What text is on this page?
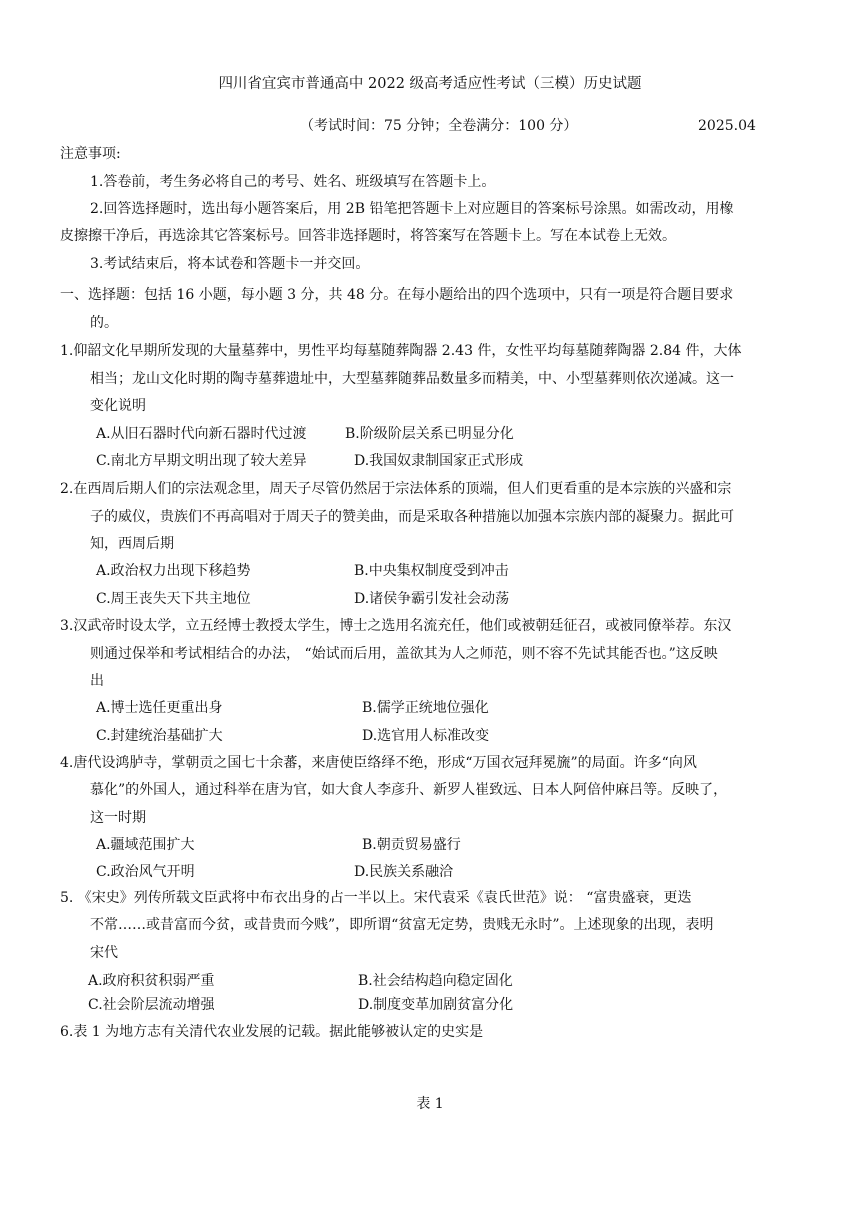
四川省宜宾市普通高中 2022 级高考适应性考试（三模）历史试题
（考试时间：75 分钟；全卷满分：100 分）	2025.04
注意事项:
1.答卷前，考生务必将自己的考号、姓名、班级填写在答题卡上。
2.回答选择题时，选出每小题答案后，用 2B 铅笔把答题卡上对应题目的答案标号涂黑。如需改动，用橡
皮擦擦干净后，再选涂其它答案标号。回答非选择题时，将答案写在答题卡上。写在本试卷上无效。
3.考试结束后，将本试卷和答题卡一并交回。
一、选择题：包括 16 小题，每小题 3 分，共 48 分。在每小题给出的四个选项中，只有一项是符合题目要求
的。
1.仰韶文化早期所发现的大量墓葬中，男性平均每墓随葬陶器 2.43 件，女性平均每墓随葬陶器 2.84 件，大体
相当；龙山文化时期的陶寺墓葬遗址中，大型墓葬随葬品数量多而精美，中、小型墓葬则依次递减。这一
变化说明
A.从旧石器时代向新石器时代过渡	B.阶级阶层关系已明显分化
C.南北方早期文明出现了较大差异	D.我国奴隶制国家正式形成
2.在西周后期人们的宗法观念里，周天子尽管仍然居于宗法体系的顶端，但人们更看重的是本宗族的兴盛和宗
子的威仪，贵族们不再高唱对于周天子的赞美曲，而是采取各种措施以加强本宗族内部的凝聚力。据此可
知，西周后期
A.政治权力出现下移趋势	B.中央集权制度受到冲击
C.周王丧失天下共主地位	D.诸侯争霸引发社会动荡
3.汉武帝时设太学，立五经博士教授太学生，博士之选用名流充任，他们或被朝廷征召，或被同僚举荐。东汉
则通过保举和考试相结合的办法， “始试而后用，盖欲其为人之师范，则不容不先试其能否也。”这反映
出
A.博士选任更重出身	B.儒学正统地位强化
C.封建统治基础扩大	D.选官用人标准改变
4.唐代设鸿胪寺，掌朝贡之国七十余蕃，来唐使臣络绎不绝，形成“万国衣冠拜冕旒”的局面。许多“向风
慕化”的外国人，通过科举在唐为官，如大食人李彦升、新罗人崔致远、日本人阿倍仲麻吕等。反映了，
这一时期
A.疆域范围扩大	B.朝贡贸易盛行
C.政治风气开明	D.民族关系融洽
5. 《宋史》列传所载文臣武将中布衣出身的占一半以上。宋代袁采《袁氏世范》说： “富贵盛衰，更迭
不常……或昔富而今贫，或昔贵而今贱”，即所谓“贫富无定势，贵贱无永时”。上述现象的出现，表明
宋代
A.政府积贫积弱严重	B.社会结构趋向稳定固化
C.社会阶层流动增强	D.制度变革加剧贫富分化
6.表 1 为地方志有关清代农业发展的记载。据此能够被认定的史实是
表 1
